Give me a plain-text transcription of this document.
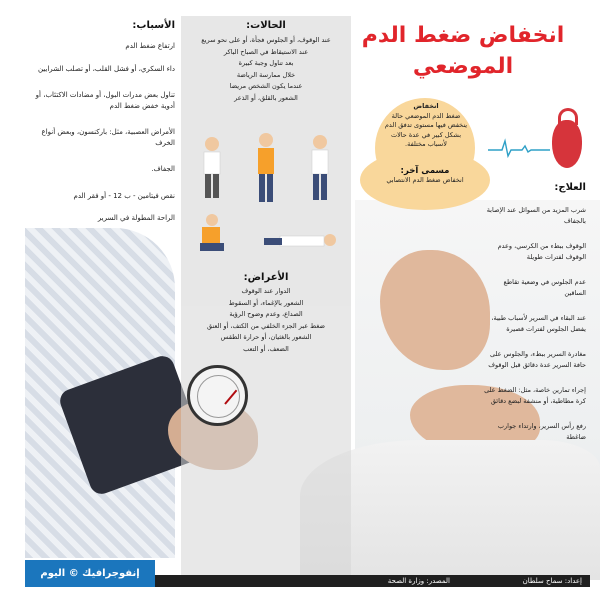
انخفاض ضغط الدم
الموضعي
انخفاض
ضغط الدم الموضعي حالة ينخفض فيها مستوى تدفق الدم بشكل كبير في عدة حالات لأسباب مختلفة.
مسمى آخر:
انخفاض ضغط الدم الانتصابي
الأسباب:

ارتفاع ضغط الدم

داء السكري، أو فشل القلب، أو تصلب الشرايين

تناول بعض مدرات البول، أو مضادات الاكتئاب، أو أدوية خفض ضغط الدم

الأمراض العصبية، مثل: باركنسون، وبعض أنواع الخرف

الجفاف.

نقص فيتامين - ب 12 - أو فقر الدم

الراحة المطولة في السرير

الحالات:
عند الوقوف، أو الجلوس فجأة، أو على نحو سريع
عند الاستيقاظ في الصباح الباكر
بعد تناول وجبة كبيرة
خلال ممارسة الرياضة
عندما يكون الشخص مريضا
الشعور بالقلق، أو الذعر
الأعراض:
الدوار عند الوقوف
الشعور بالإغماء، أو السقوط
الصداع، وعدم وضوح الرؤية
ضغط عبر الجزء الخلفي من الكتف، أو العنق
الشعور بالغثيان، أو حرارة الطقس
الضعف، أو التعب
العلاج:

شرب المزيد من السوائل عند الإصابة بالجفاف

الوقوف ببطء من الكرسي، وعدم الوقوف لفترات طويلة

عدم الجلوس في وضعية تقاطع الساقين

عند البقاء في السرير لأسباب طبية، يفضل الجلوس لفترات قصيرة

مغادرة السرير ببطء، والجلوس على حافة السرير عدة دقائق قبل الوقوف

إجراء تمارين خاصة، مثل: الضغط على كرة مطاطية، أو منشفة لبضع دقائق

رفع رأس السرير، وارتداء جوارب ضاغطة

إعداد: سماح سلطان
المصدر: وزارة الصحة
إنفوجرافيك © اليوم
